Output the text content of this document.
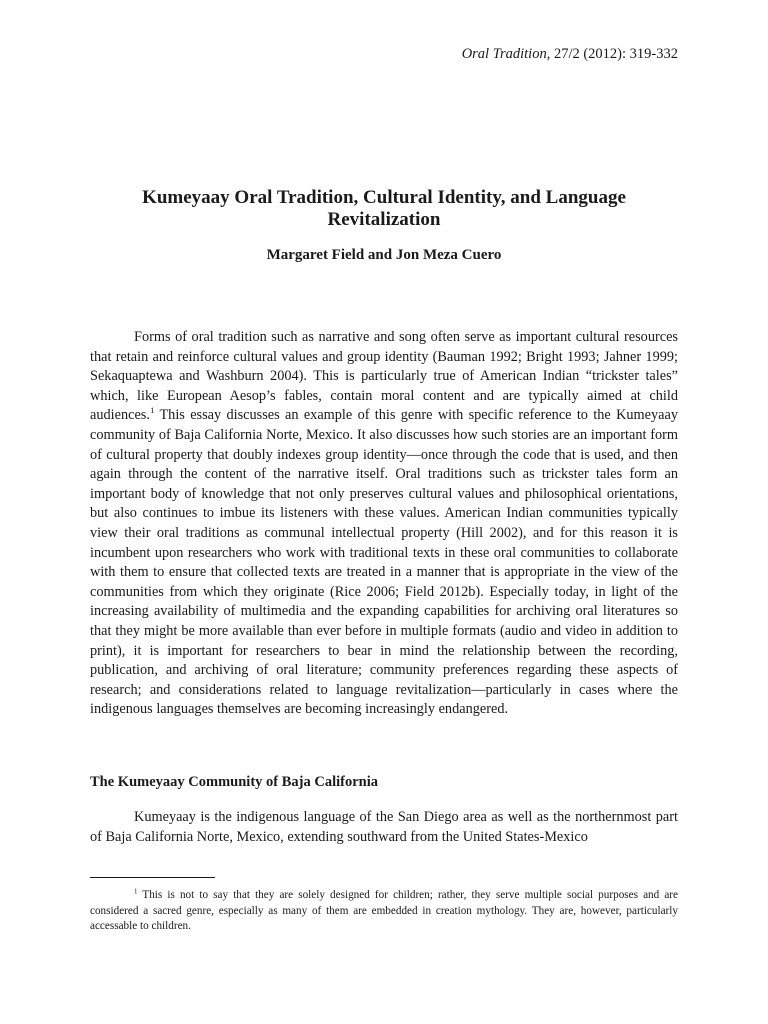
Oral Tradition, 27/2 (2012): 319-332
Kumeyaay Oral Tradition, Cultural Identity, and Language Revitalization
Margaret Field and Jon Meza Cuero
Forms of oral tradition such as narrative and song often serve as important cultural resources that retain and reinforce cultural values and group identity (Bauman 1992; Bright 1993; Jahner 1999; Sekaquaptewa and Washburn 2004). This is particularly true of American Indian “trickster tales” which, like European Aesop’s fables, contain moral content and are typically aimed at child audiences.$^1$ This essay discusses an example of this genre with specific reference to the Kumeyaay community of Baja California Norte, Mexico. It also discusses how such stories are an important form of cultural property that doubly indexes group identity—once through the code that is used, and then again through the content of the narrative itself. Oral traditions such as trickster tales form an important body of knowledge that not only preserves cultural values and philosophical orientations, but also continues to imbue its listeners with these values. American Indian communities typically view their oral traditions as communal intellectual property (Hill 2002), and for this reason it is incumbent upon researchers who work with traditional texts in these oral communities to collaborate with them to ensure that collected texts are treated in a manner that is appropriate in the view of the communities from which they originate (Rice 2006; Field 2012b). Especially today, in light of the increasing availability of multimedia and the expanding capabilities for archiving oral literatures so that they might be more available than ever before in multiple formats (audio and video in addition to print), it is important for researchers to bear in mind the relationship between the recording, publication, and archiving of oral literature; community preferences regarding these aspects of research; and considerations related to language revitalization—particularly in cases where the indigenous languages themselves are becoming increasingly endangered.
The Kumeyaay Community of Baja California
Kumeyaay is the indigenous language of the San Diego area as well as the northernmost part of Baja California Norte, Mexico, extending southward from the United States-Mexico
$^1$ This is not to say that they are solely designed for children; rather, they serve multiple social purposes and are considered a sacred genre, especially as many of them are embedded in creation mythology. They are, however, particularly accessable to children.
